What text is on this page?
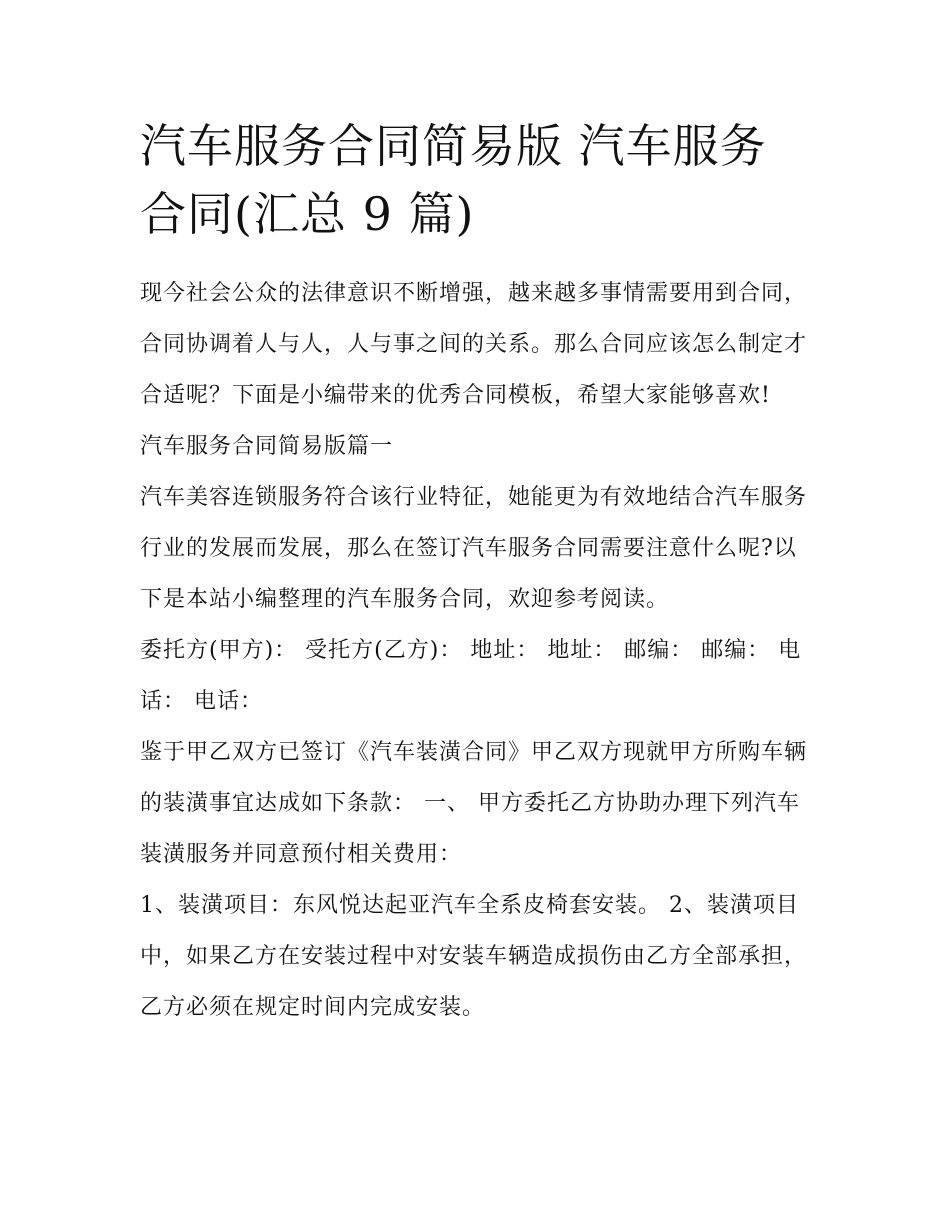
汽车服务合同简易版 汽车服务合同(汇总 9 篇)

现今社会公众的法律意识不断增强，越来越多事情需要用到合同，合同协调着人与人，人与事之间的关系。那么合同应该怎么制定才合适呢？下面是小编带来的优秀合同模板，希望大家能够喜欢!

汽车服务合同简易版篇一

汽车美容连锁服务符合该行业特征，她能更为有效地结合汽车服务行业的发展而发展，那么在签订汽车服务合同需要注意什么呢?以下是本站小编整理的汽车服务合同，欢迎参考阅读。

委托方(甲方)： 受托方(乙方)： 地址： 地址： 邮编： 邮编： 电话： 电话：

鉴于甲乙双方已签订《汽车装潢合同》甲乙双方现就甲方所购车辆的装潢事宜达成如下条款： 一、 甲方委托乙方协助办理下列汽车装潢服务并同意预付相关费用：

1、装潢项目：东风悦达起亚汽车全系皮椅套安装。 2、装潢项目中，如果乙方在安装过程中对安装车辆造成损伤由乙方全部承担，乙方必须在规定时间内完成安装。
